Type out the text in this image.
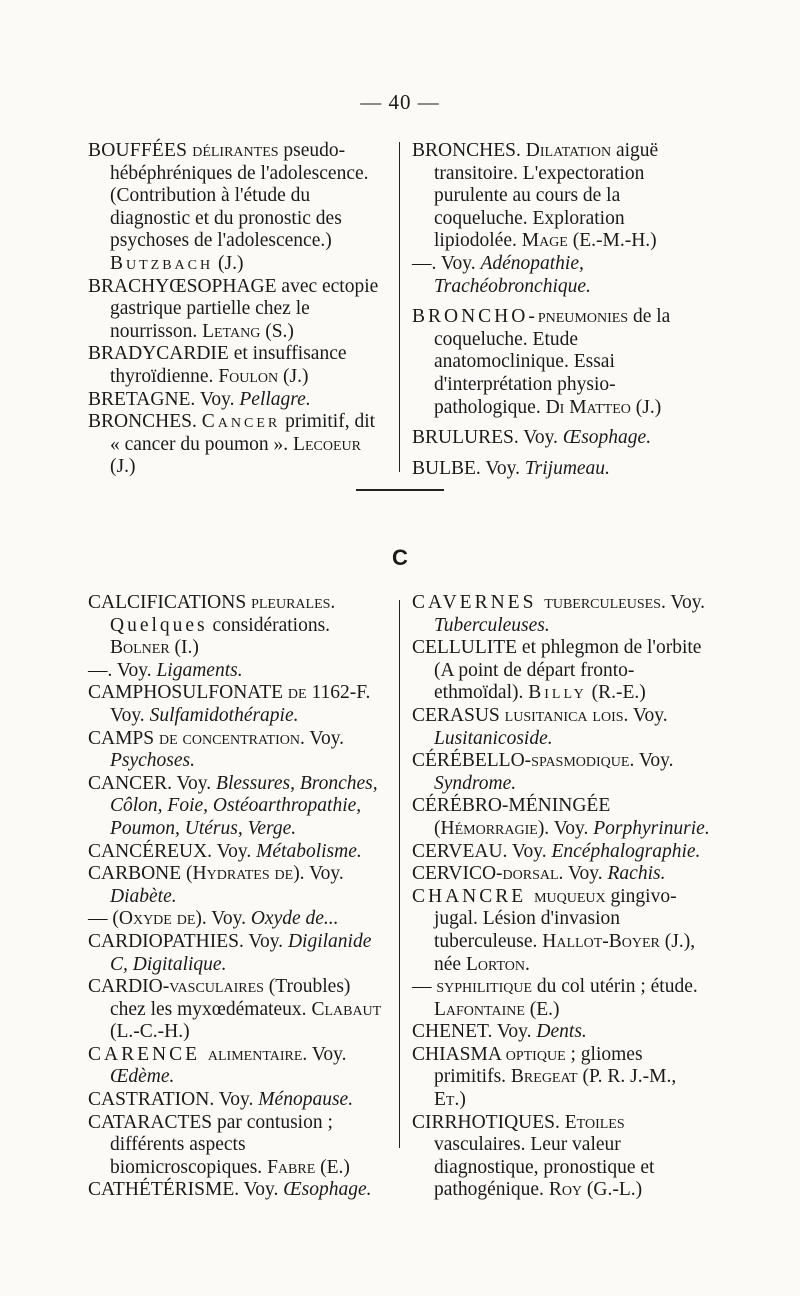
— 40 —

BOUFFÉES délirantes pseudo-hébéphréniques de l'adolescence. (Contribution à l'étude du diagnostic et du pronostic des psychoses de l'adolescence.) Butzbach (J.)

BRACHYŒSOPHAGE avec ectopie gastrique partielle chez le nourrisson. Letang (S.)

BRADYCARDIE et insuffisance thyroïdienne. Foulon (J.)

BRETAGNE. Voy. Pellagre.

BRONCHES. Cancer primitif, dit « cancer du poumon ». Lecoeur (J.)

BRONCHES. Dilatation aiguë transitoire. L'expectoration purulente au cours de la coqueluche. Exploration lipiodolée. Mage (E.-M.-H.)

—. Voy. Adénopathie, Trachéobronchique.

BRONCHO-pneumonies de la coqueluche. Etude anatomoclinique. Essai d'interprétation physio-pathologique. Di Matteo (J.)

BRULURES. Voy. Œsophage.

BULBE. Voy. Trijumeau.

C

CALCIFICATIONS pleurales. Quelques considérations. Bolner (I.)

—. Voy. Ligaments.

CAMPHOSULFONATE de 1162-F. Voy. Sulfamidothérapie.

CAMPS de concentration. Voy. Psychoses.

CANCER. Voy. Blessures, Bronches, Côlon, Foie, Ostéoarthropathie, Poumon, Utérus, Verge.

CANCÉREUX. Voy. Métabolisme.

CARBONE (Hydrates de). Voy. Diabète.

— (Oxyde de). Voy. Oxyde de...

CARDIOPATHIES. Voy. Digilanide C, Digitalique.

CARDIO-vasculaires (Troubles) chez les myxœdémateux. Clabaut (L.-C.-H.)

CARENCE alimentaire. Voy. Œdème.

CASTRATION. Voy. Ménopause.

CATARACTES par contusion ; différents aspects biomicroscopiques. Fabre (E.)

CATHÉTÉRISME. Voy. Œsophage.

CAVERNES tuberculeuses. Voy. Tuberculeuses.

CELLULITE et phlegmon de l'orbite (A point de départ fronto-ethmoïdal). Billy (R.-E.)

CERASUS lusitanica lois. Voy. Lusitanicoside.

CÉRÉBELLO-spasmodique. Voy. Syndrome.

CÉRÉBRO-MÉNINGÉE (Hémorragie). Voy. Porphyrinurie.

CERVEAU. Voy. Encéphalographie.

CERVICO-dorsal. Voy. Rachis.

CHANCRE muqueux gingivo-jugal. Lésion d'invasion tuberculeuse. Hallot-Boyer (J.), née Lorton.

— syphilitique du col utérin ; étude. Lafontaine (E.)

CHENET. Voy. Dents.

CHIASMA optique ; gliomes primitifs. Bregeat (P. R. J.-M., Et.)

CIRRHOTIQUES. Etoiles vasculaires. Leur valeur diagnostique, pronostique et pathogénique. Roy (G.-L.)
